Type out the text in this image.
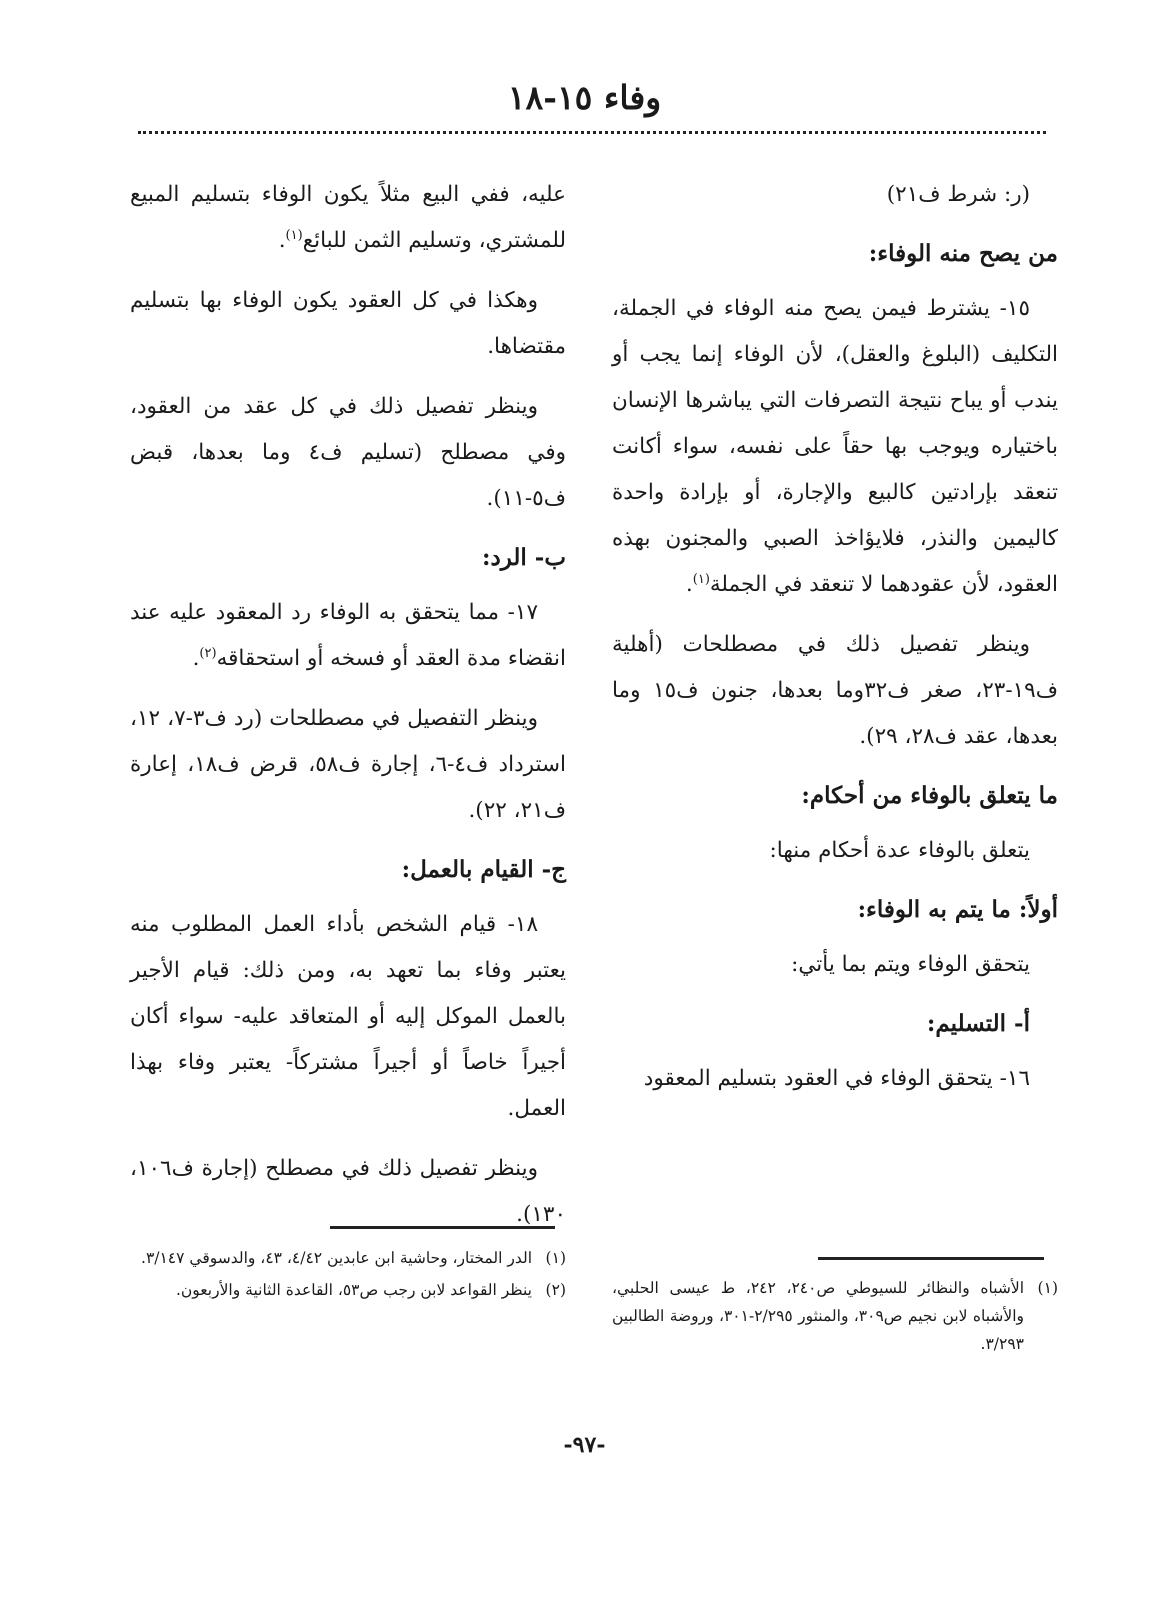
وفاء ١٥-١٨

(ر: شرط ف٢١)

من يصح منه الوفاء:

١٥- يشترط فيمن يصح منه الوفاء في الجملة، التكليف (البلوغ والعقل)، لأن الوفاء إنما يجب أو يندب أو يباح نتيجة التصرفات التي يباشرها الإنسان باختياره ويوجب بها حقاً على نفسه، سواء أكانت تنعقد بإرادتين كالبيع والإجارة، أو بإرادة واحدة كاليمين والنذر، فلايؤاخذ الصبي والمجنون بهذه العقود، لأن عقودهما لا تنعقد في الجملة$^{(١)}$.

وينظر تفصيل ذلك في مصطلحات (أهلية ف١٩-٢٣، صغر ف٣٢وما بعدها، جنون ف١٥ وما بعدها، عقد ف٢٨، ٢٩).

ما يتعلق بالوفاء من أحكام:

يتعلق بالوفاء عدة أحكام منها:

أولاً: ما يتم به الوفاء:

يتحقق الوفاء ويتم بما يأتي:

أ- التسليم:

١٦- يتحقق الوفاء في العقود بتسليم المعقود

عليه، ففي البيع مثلاً يكون الوفاء بتسليم المبيع للمشتري، وتسليم الثمن للبائع$^{(١)}$.

وهكذا في كل العقود يكون الوفاء بها بتسليم مقتضاها.

وينظر تفصيل ذلك في كل عقد من العقود، وفي مصطلح (تسليم ف٤ وما بعدها، قبض ف٥-١١).

ب- الرد:

١٧- مما يتحقق به الوفاء رد المعقود عليه عند انقضاء مدة العقد أو فسخه أو استحقاقه$^{(٢)}$.

وينظر التفصيل في مصطلحات (رد ف٣-٧، ١٢، استرداد ف٤-٦، إجارة ف٥٨، قرض ف١٨، إعارة ف٢١، ٢٢).

ج- القيام بالعمل:

١٨- قيام الشخص بأداء العمل المطلوب منه يعتبر وفاء بما تعهد به، ومن ذلك: قيام الأجير بالعمل الموكل إليه أو المتعاقد عليه- سواء أكان أجيراً خاصاً أو أجيراً مشتركاً- يعتبر وفاء بهذا العمل.

وينظر تفصيل ذلك في مصطلح (إجارة ف١٠٦، ١٣٠).

(١)
الدر المختار، وحاشية ابن عابدين ٤/٤٢، ٤٣، والدسوقي ٣/١٤٧.
(٢)
ينظر القواعد لابن رجب ص٥٣، القاعدة الثانية والأربعون.	(١)
الأشباه والنظائر للسيوطي ص٢٤٠، ٢٤٢، ط عيسى الحلبي، والأشباه لابن نجيم ص٣٠٩، والمنثور ٢/٢٩٥-٣٠١، وروضة الطالبين ٣/٢٩٣.
-٩٧-
